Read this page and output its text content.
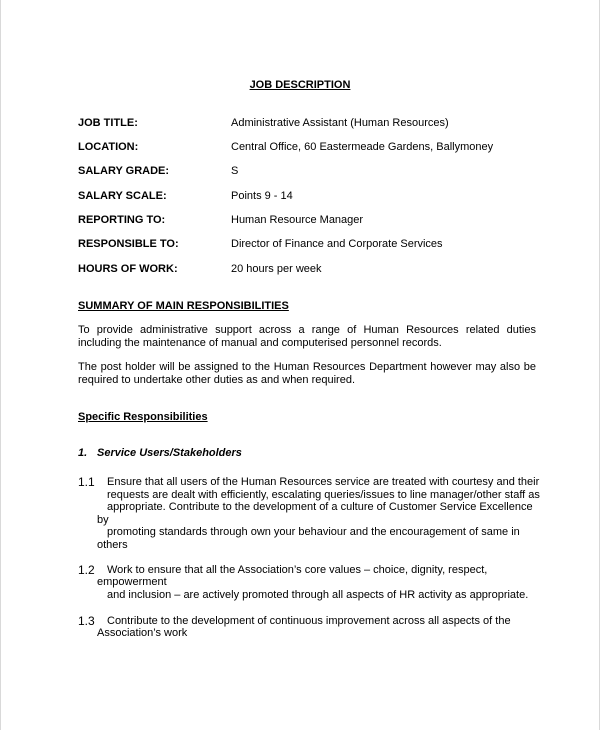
JOB DESCRIPTION
JOB TITLE:	Administrative Assistant (Human Resources)
LOCATION:	Central Office, 60 Eastermeade Gardens, Ballymoney
SALARY GRADE:	S
SALARY SCALE:	Points 9 - 14
REPORTING TO:	Human Resource Manager
RESPONSIBLE TO:	Director of Finance and Corporate Services
HOURS OF WORK:	20 hours per week
SUMMARY OF MAIN RESPONSIBILITIES
To provide administrative support across a range of Human Resources related duties including the maintenance of manual and computerised personnel records.
The post holder will be assigned to the Human Resources Department however may also be required to undertake other duties as and when required.
Specific Responsibilities
1. Service Users/Stakeholders
1.1 Ensure that all users of the Human Resources service are treated with courtesy and their
requests are dealt with efficiently, escalating queries/issues to line manager/other staff as
appropriate. Contribute to the development of a culture of Customer Service Excellence
by
promoting standards through own your behaviour and the encouragement of same in
others
1.2 Work to ensure that all the Association’s core values – choice, dignity, respect,
empowerment
and inclusion – are actively promoted through all aspects of HR activity as appropriate.
1.3 Contribute to the development of continuous improvement across all aspects of the
Association’s work
